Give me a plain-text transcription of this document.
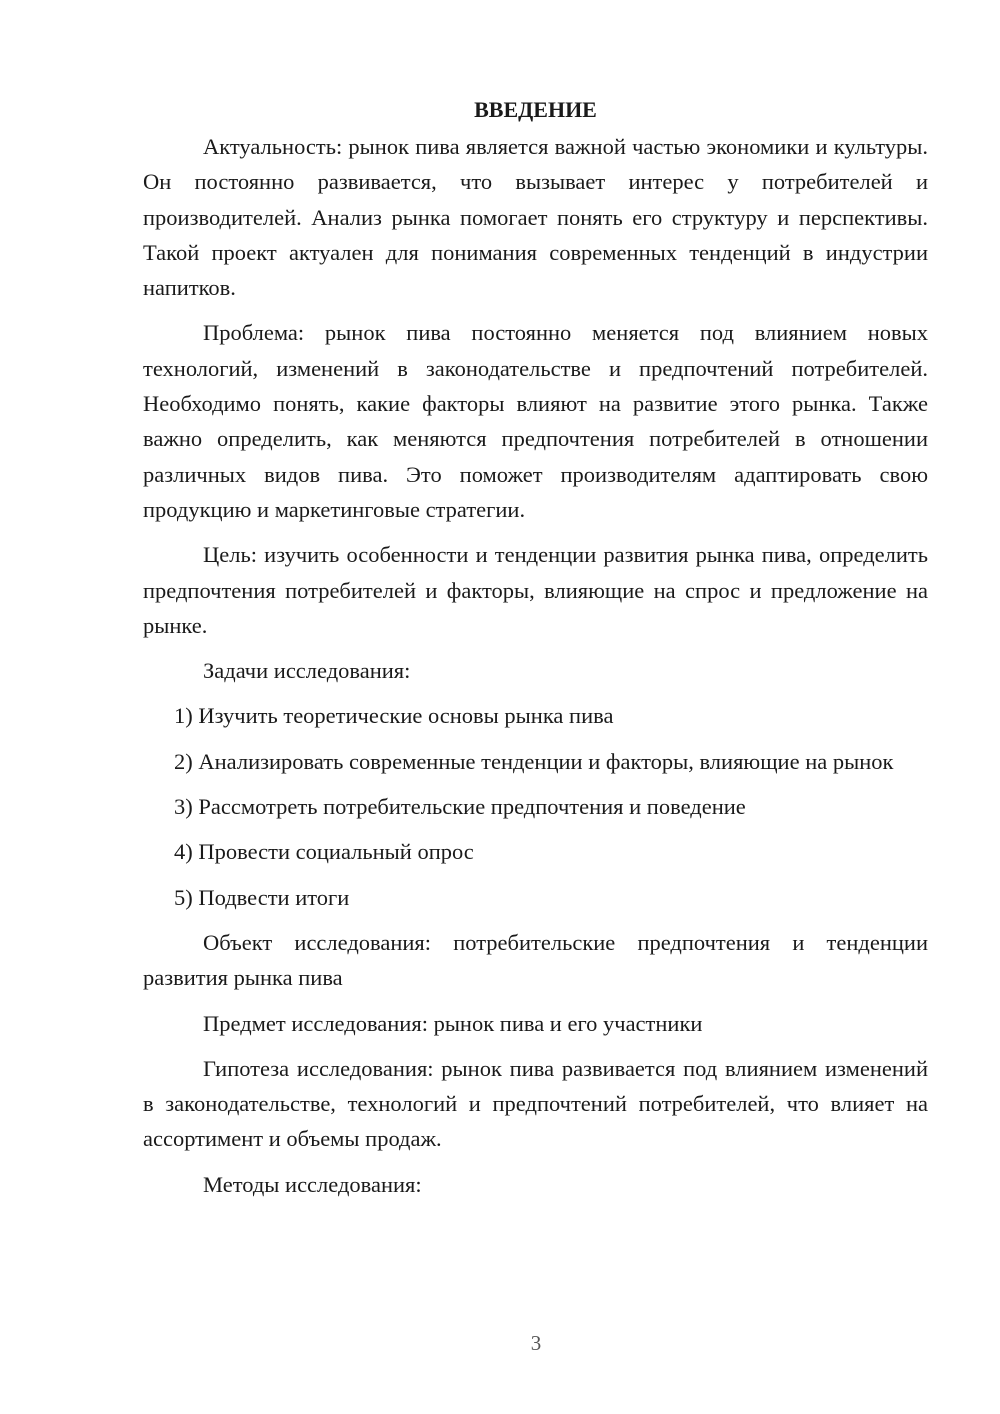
ВВЕДЕНИЕ

Актуальность: рынок пива является важной частью экономики и культуры. Он постоянно развивается, что вызывает интерес у потребителей и производителей. Анализ рынка помогает понять его структуру и перспективы. Такой проект актуален для понимания современных тенденций в индустрии напитков.

Проблема: рынок пива постоянно меняется под влиянием новых технологий, изменений в законодательстве и предпочтений потребителей. Необходимо понять, какие факторы влияют на развитие этого рынка. Также важно определить, как меняются предпочтения потребителей в отношении различных видов пива. Это поможет производителям адаптировать свою продукцию и маркетинговые стратегии.

Цель: изучить особенности и тенденции развития рынка пива, определить предпочтения потребителей и факторы, влияющие на спрос и предложение на рынке.

Задачи исследования:

1) Изучить теоретические основы рынка пива

2) Анализировать современные тенденции и факторы, влияющие на рынок

3) Рассмотреть потребительские предпочтения и поведение

4) Провести социальный опрос

5) Подвести итоги

Объект исследования: потребительские предпочтения и тенденции развития рынка пива

Предмет исследования: рынок пива и его участники

Гипотеза исследования: рынок пива развивается под влиянием изменений в законодательстве, технологий и предпочтений потребителей, что влияет на ассортимент и объемы продаж.

Методы исследования:

3
